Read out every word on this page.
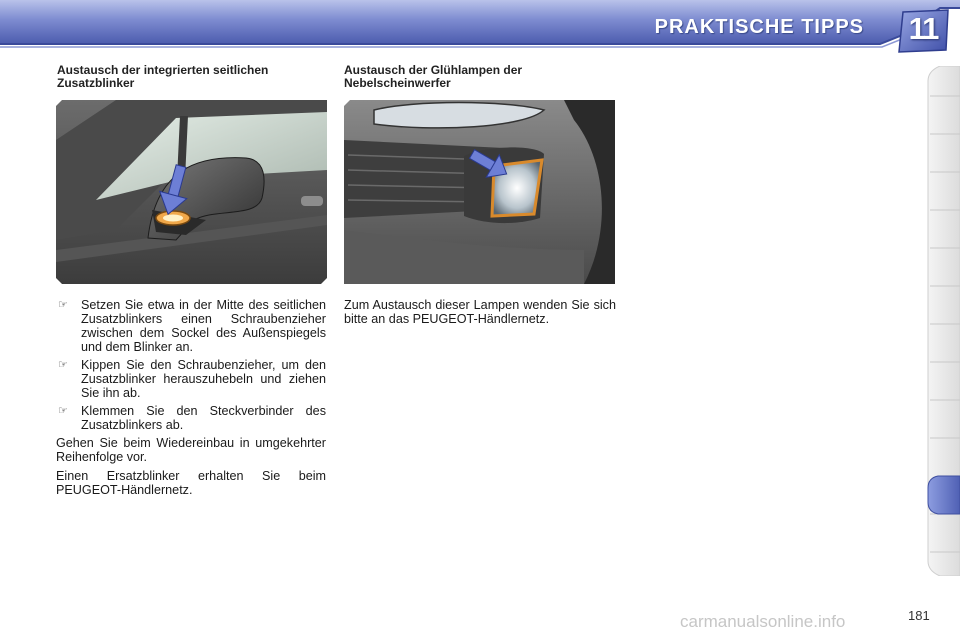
PRAKTISCHE TIPPS	11
Austausch der integrierten seitlichen Zusatzblinker
☞ Setzen Sie etwa in der Mitte des seitlichen Zusatzblinkers einen Schraubenzieher zwischen dem Sockel des Außenspiegels und dem Blinker an.
☞ Kippen Sie den Schraubenzieher, um den Zusatzblinker herauszuhebeln und ziehen Sie ihn ab.
☞ Klemmen Sie den Steckverbinder des Zusatzblinkers ab.

Gehen Sie beim Wiedereinbau in umgekehrter Reihenfolge vor.

Einen Ersatzblinker erhalten Sie beim PEUGEOT-Händlernetz.

Austausch der Glühlampen der Nebelscheinwerfer
Zum Austausch dieser Lampen wenden Sie sich bitte an das PEUGEOT-Händlernetz.
carmanualsonline.info	181
